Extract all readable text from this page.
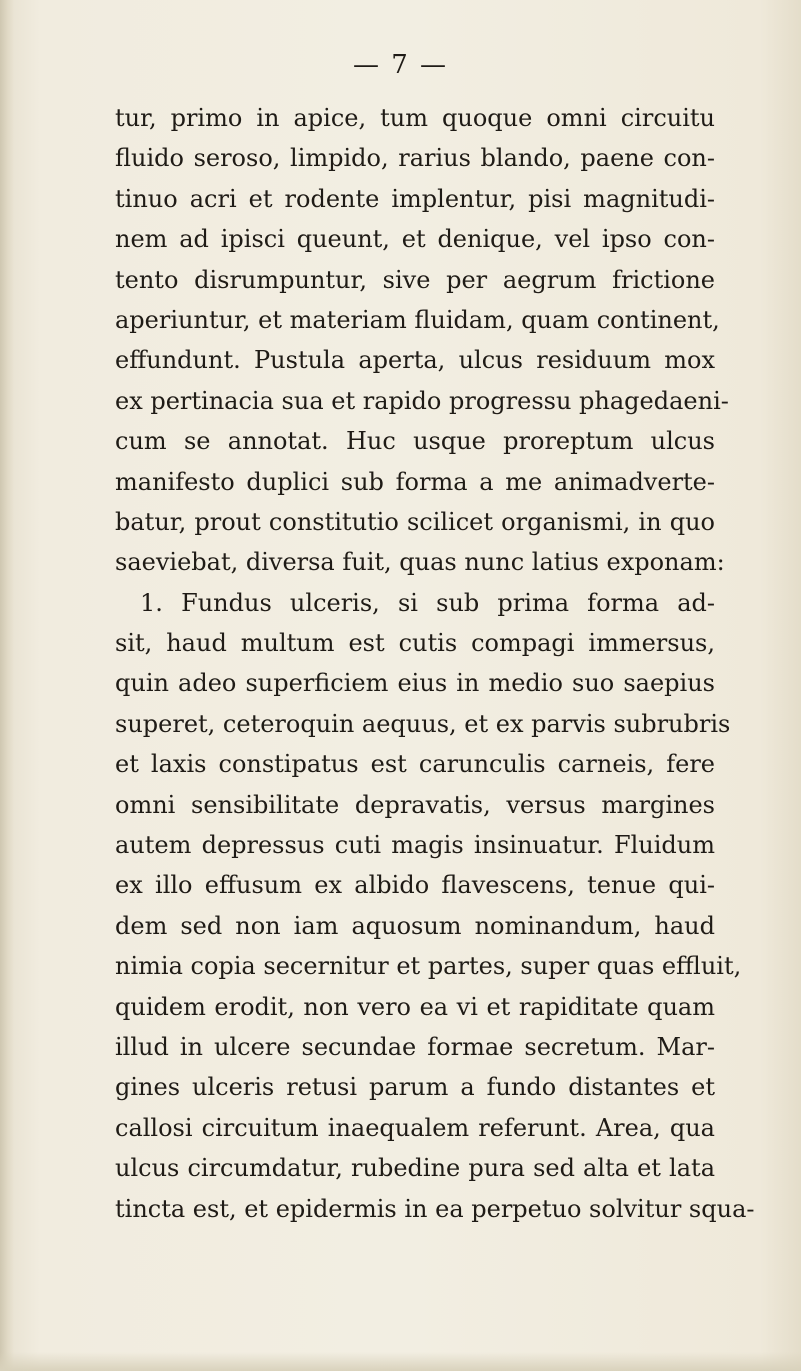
— 7 —
tur, primo in apice, tum quoque omni circuitu
fluido seroso, limpido, rarius blando, paene con-
tinuo acri et rodente implentur, pisi magnitudi-
nem ad ipisci queunt, et denique, vel ipso con-
tento disrumpuntur, sive per aegrum frictione
aperiuntur, et materiam fluidam, quam continent,
effundunt. Pustula aperta, ulcus residuum mox
ex pertinacia sua et rapido progressu phagedaeni-
cum se annotat. Huc usque proreptum ulcus
manifesto duplici sub forma a me animadverte-
batur, prout constitutio scilicet organismi, in quo
saeviebat, diversa fuit, quas nunc latius exponam:
1. Fundus ulceris, si sub prima forma ad-
sit, haud multum est cutis compagi immersus,
quin adeo superficiem eius in medio suo saepius
superet, ceteroquin aequus, et ex parvis subrubris
et laxis constipatus est carunculis carneis, fere
omni sensibilitate depravatis, versus margines
autem depressus cuti magis insinuatur. Fluidum
ex illo effusum ex albido flavescens, tenue qui-
dem sed non iam aquosum nominandum, haud
nimia copia secernitur et partes, super quas effluit,
quidem erodit, non vero ea vi et rapiditate quam
illud in ulcere secundae formae secretum. Mar-
gines ulceris retusi parum a fundo distantes et
callosi circuitum inaequalem referunt. Area, qua
ulcus circumdatur, rubedine pura sed alta et lata
tincta est, et epidermis in ea perpetuo solvitur squa-
